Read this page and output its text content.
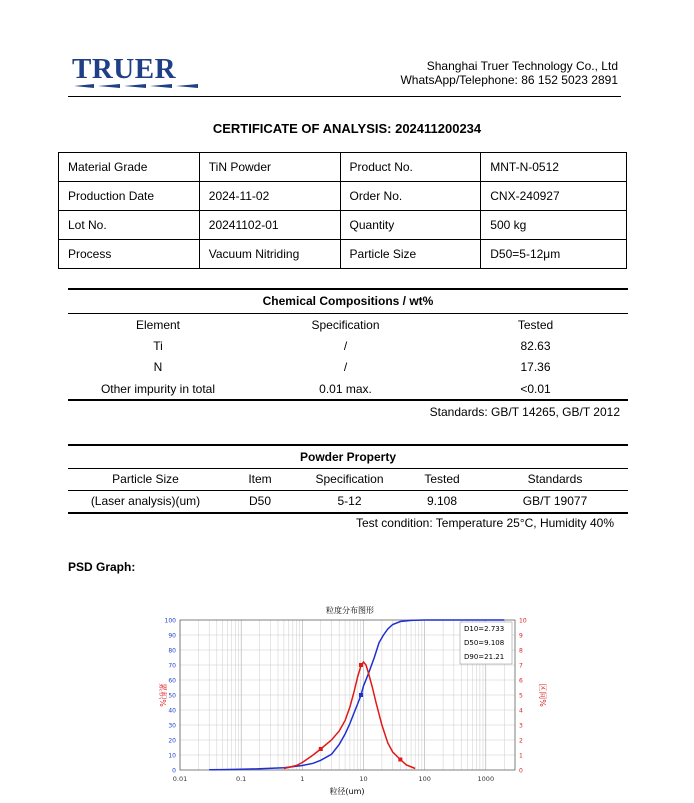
TRUER	Shanghai Truer Technology Co., Ltd
WhatsApp/Telephone: 86 152 5023 2891
CERTIFICATE OF ANALYSIS: 202411200234
Material Grade	TiN Powder	Product No.	MNT-N-0512
Production Date	2024-11-02	Order No.	CNX-240927
Lot No.	20241102-01	Quantity	500 kg
Process	Vacuum Nitriding	Particle Size	D50=5-12μm
Chemical Compositions / wt%
Element	Specification	Tested
Ti	/	82.63
N	/	17.36
Other impurity in total	0.01 max.	<0.01
Standards: GB/T 14265, GB/T 2012
Powder Property
Particle Size	Item	Specification	Tested	Standards
(Laser analysis)(um)	D50	5-12	9.108	GB/T 19077
Test condition: Temperature 25°C, Humidity 40%
PSD Graph:
粒度分布图形
0.01	0.1	1	10	100	1000
0
10
20
30
40
50
60
70
80
90
100
0
1
2
3
4
5
6
7
8
9
10
累积%	区间%
粒径(um)
D10=2.733
D50=9.108
D90=21.21
